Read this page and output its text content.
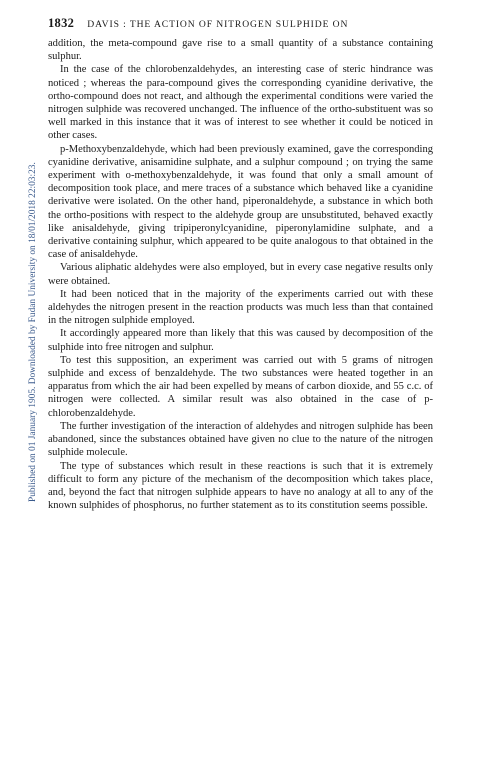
1832 DAVIS : THE ACTION OF NITROGEN SULPHIDE ON
Published on 01 January 1905. Downloaded by Fudan University on 18/01/2018 22:03:23.

addition, the meta-compound gave rise to a small quantity of a substance containing sulphur.

In the case of the chlorobenzaldehydes, an interesting case of steric hindrance was noticed ; whereas the para-compound gives the corresponding cyanidine derivative, the ortho-compound does not react, and although the experimental conditions were varied the nitrogen sulphide was recovered unchanged. The influence of the ortho-substituent was so well marked in this instance that it was of interest to see whether it could be noticed in other cases.

p-Methoxybenzaldehyde, which had been previously examined, gave the corresponding cyanidine derivative, anisamidine sulphate, and a sulphur compound ; on trying the same experiment with o-methoxybenzaldehyde, it was found that only a small amount of decomposition took place, and mere traces of a substance which behaved like a cyanidine derivative were isolated. On the other hand, piperonaldehyde, a substance in which both the ortho-positions with respect to the aldehyde group are unsubstituted, behaved exactly like anisaldehyde, giving tripiperonylcyanidine, piperonylamidine sulphate, and a derivative containing sulphur, which appeared to be quite analogous to that obtained in the case of anisaldehyde.

Various aliphatic aldehydes were also employed, but in every case negative results only were obtained.

It had been noticed that in the majority of the experiments carried out with these aldehydes the nitrogen present in the reaction products was much less than that contained in the nitrogen sulphide employed.

It accordingly appeared more than likely that this was caused by decomposition of the sulphide into free nitrogen and sulphur.

To test this supposition, an experiment was carried out with 5 grams of nitrogen sulphide and excess of benzaldehyde. The two substances were heated together in an apparatus from which the air had been expelled by means of carbon dioxide, and 55 c.c. of nitrogen were collected. A similar result was also obtained in the case of p-chlorobenzaldehyde.

The further investigation of the interaction of aldehydes and nitrogen sulphide has been abandoned, since the substances obtained have given no clue to the nature of the nitrogen sulphide molecule.

The type of substances which result in these reactions is such that it is extremely difficult to form any picture of the mechanism of the decomposition which takes place, and, beyond the fact that nitrogen sulphide appears to have no analogy at all to any of the known sulphides of phosphorus, no further statement as to its constitution seems possible.
